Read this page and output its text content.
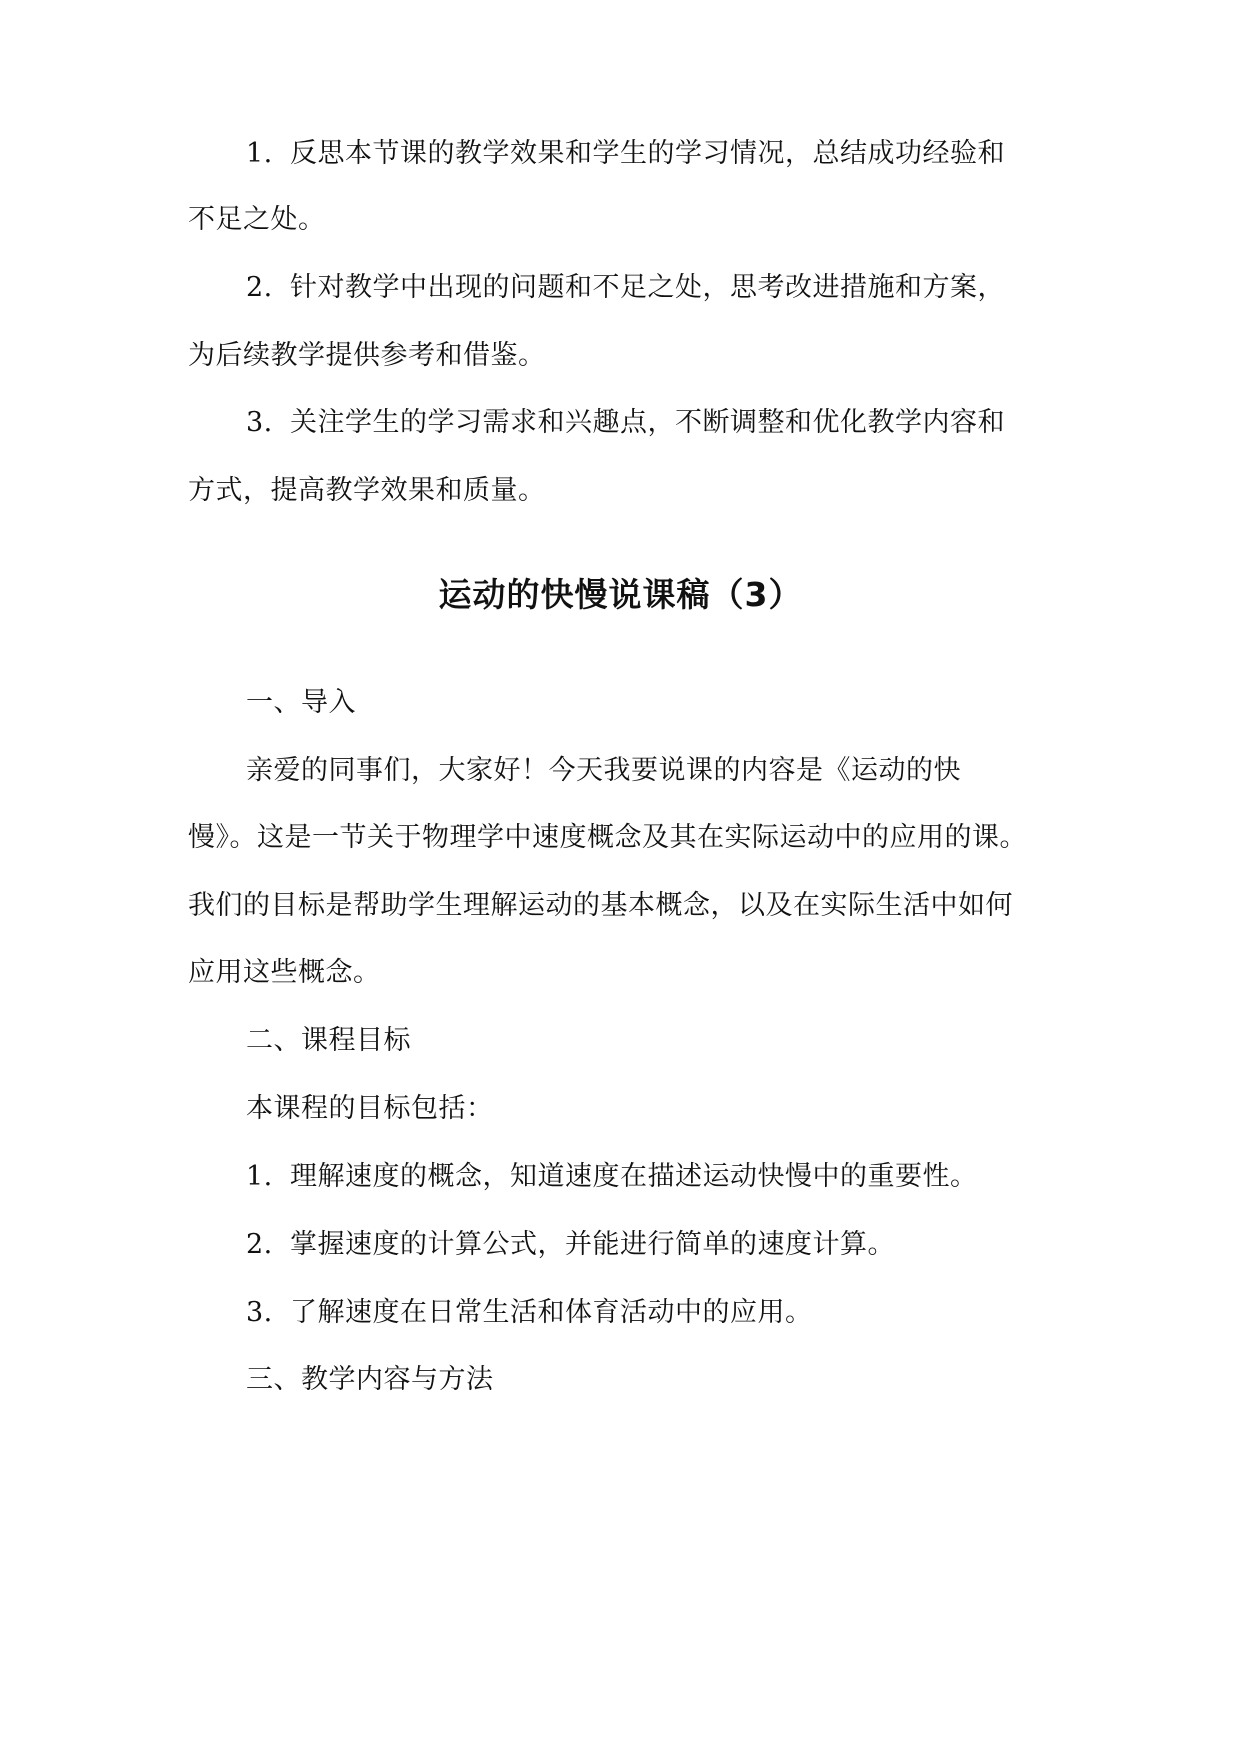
1. 反思本节课的教学效果和学生的学习情况，总结成功经验和
不足之处。
2. 针对教学中出现的问题和不足之处，思考改进措施和方案，
为后续教学提供参考和借鉴。
3. 关注学生的学习需求和兴趣点，不断调整和优化教学内容和
方式，提高教学效果和质量。
运动的快慢说课稿（3）
一、导入
亲爱的同事们，大家好！今天我要说课的内容是《运动的快
慢》。这是一节关于物理学中速度概念及其在实际运动中的应用的课。
我们的目标是帮助学生理解运动的基本概念，以及在实际生活中如何
应用这些概念。
二、课程目标
本课程的目标包括：
1. 理解速度的概念，知道速度在描述运动快慢中的重要性。
2. 掌握速度的计算公式，并能进行简单的速度计算。
3. 了解速度在日常生活和体育活动中的应用。
三、教学内容与方法
